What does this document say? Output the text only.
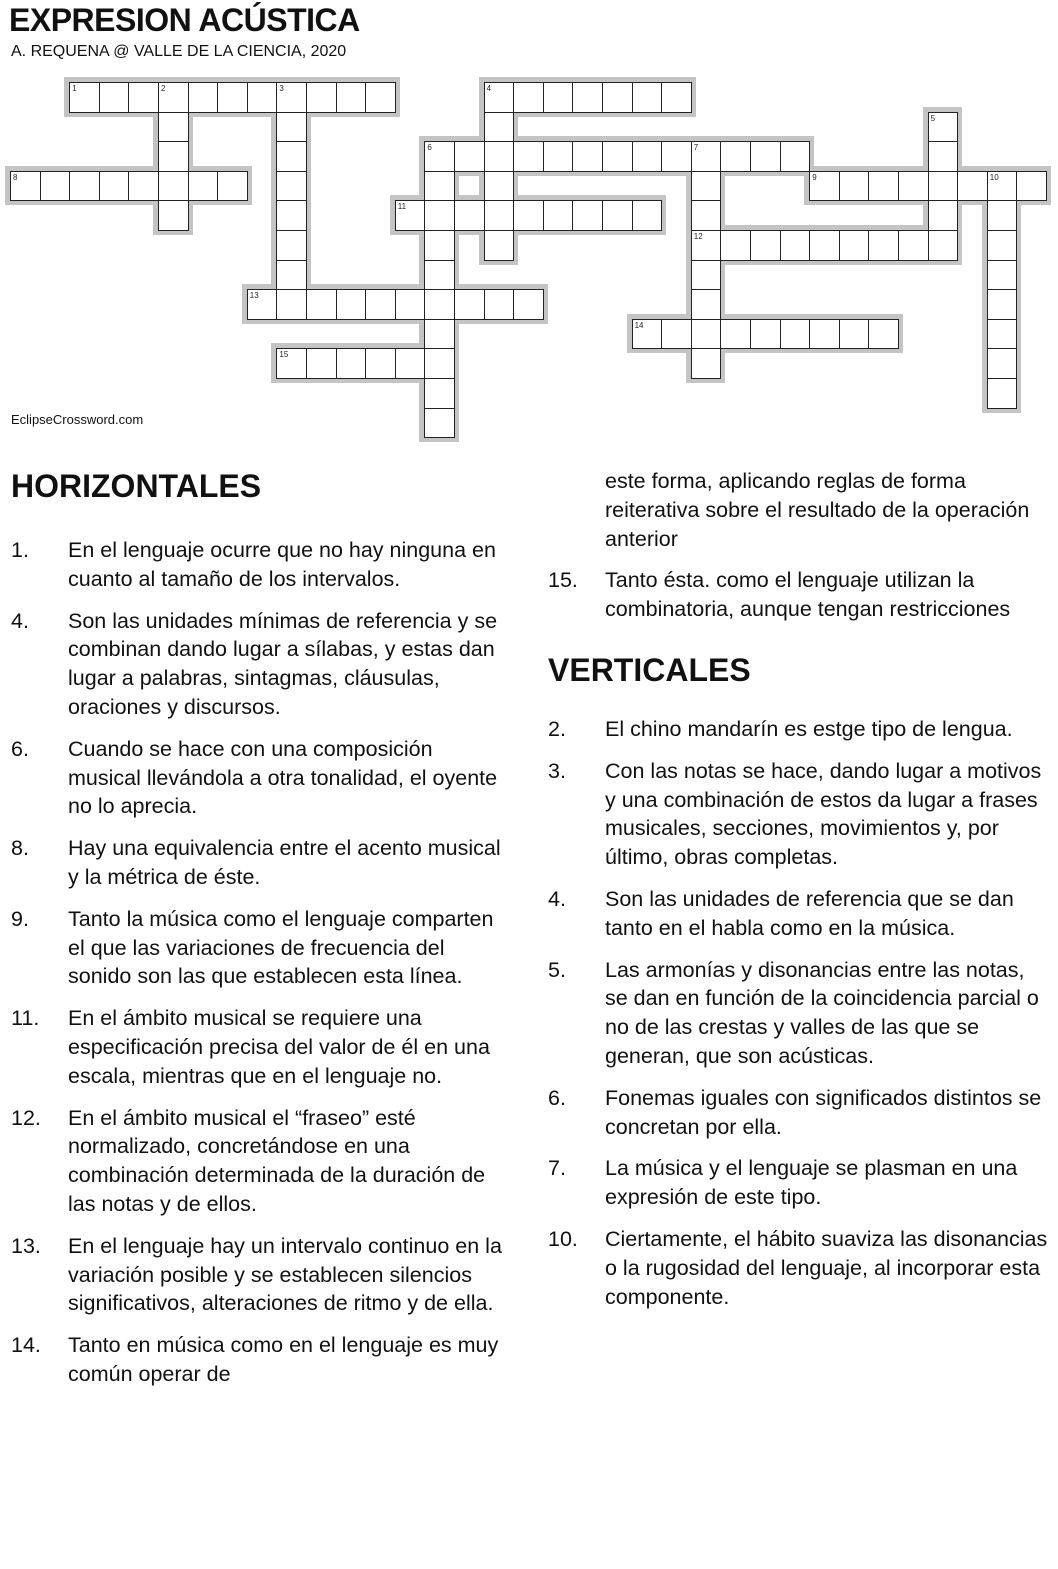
EXPRESION ACÚSTICA
A. REQUENA @ VALLE DE LA CIENCIA, 2020
1	2	3	4
5
6	7
8	9	10
11
12
13
14
15
EclipseCrossword.com
HORIZONTALES
1.	En el lenguaje ocurre que no hay ninguna en cuanto al tamaño de los intervalos.
4.	Son las unidades mínimas de referencia y se combinan dando lugar a sílabas, y estas dan lugar a palabras, sintagmas, cláusulas, oraciones y discursos.
6.	Cuando se hace con una composición musical llevándola a otra tonalidad, el oyente no lo aprecia.
8.	Hay una equivalencia entre el acento musical y la métrica de éste.
9.	Tanto la música como el lenguaje comparten el que las variaciones de frecuencia del sonido son las que establecen esta línea.
11.	En el ámbito musical se requiere una especificación precisa del valor de él en una escala, mientras que en el lenguaje no.
12.	En el ámbito musical el “fraseo” esté normalizado, concretándose en una combinación determinada de la duración de las notas y de ellos.
13.	En el lenguaje hay un intervalo continuo en la variación posible y se establecen silencios significativos, alteraciones de ritmo y de ella.
14.	Tanto en música como en el lenguaje es muy común operar de
este forma, aplicando reglas de forma reiterativa sobre el resultado de la operación anterior
15.	Tanto ésta. como el lenguaje utilizan la combinatoria, aunque tengan restricciones
VERTICALES
2.	El chino mandarín es estge tipo de lengua.
3.	Con las notas se hace, dando lugar a motivos y una combinación de estos da lugar a frases musicales, secciones, movimientos y, por último, obras completas.
4.	Son las unidades de referencia que se dan tanto en el habla como en la música.
5.	Las armonías y disonancias entre las notas, se dan en función de la coincidencia parcial o no de las crestas y valles de las que se generan, que son acústicas.
6.	Fonemas iguales con significados distintos se concretan por ella.
7.	La música y el lenguaje se plasman en una expresión de este tipo.
10.	Ciertamente, el hábito suaviza las disonancias o la rugosidad del lenguaje, al incorporar esta componente.
